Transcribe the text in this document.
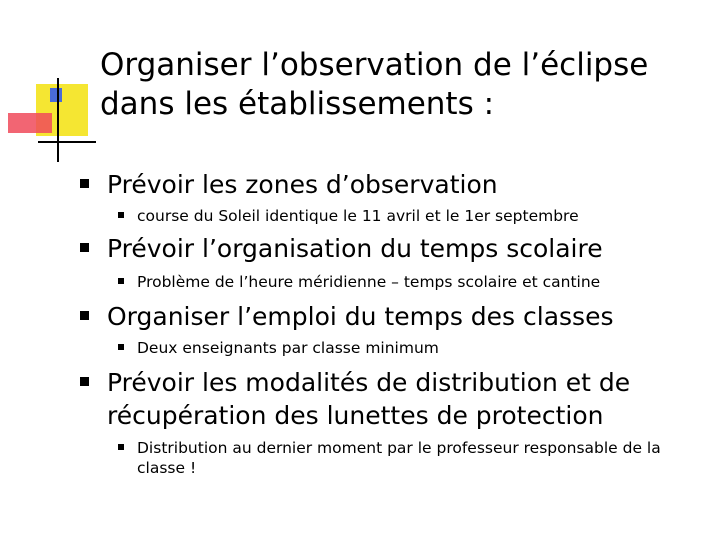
Organiser l’observation de l’éclipse
dans les établissements :
Prévoir les zones d’observation
course du Soleil identique le 11 avril et le 1er septembre
Prévoir l’organisation du temps scolaire
Problème de l’heure méridienne – temps scolaire et cantine
Organiser l’emploi du temps des classes
Deux enseignants par classe minimum
Prévoir les modalités de distribution et de
récupération des lunettes de protection
Distribution au dernier moment par le professeur responsable de la
classe !
